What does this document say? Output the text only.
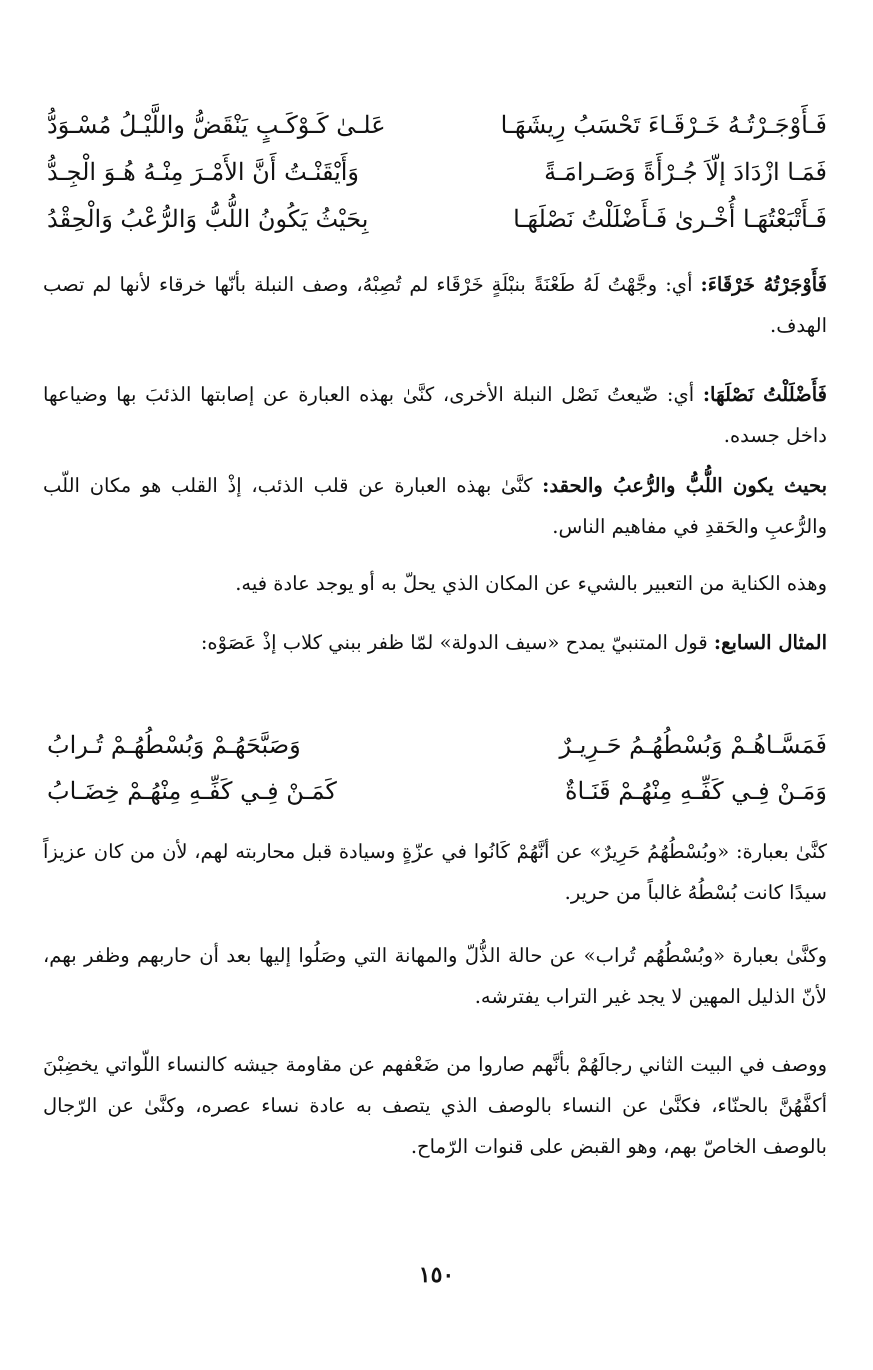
فَـأَوْجَـرْتُـهُ خَـرْقَـاءَ تَحْسَبُ رِيشَهَـا
عَلـىٰ كَـوْكَـبٍ يَنْقَضُّ واللَّيْـلُ مُسْـوَدُّ
فَمَـا ازْدَادَ إلّاَ جُـرْأَةً وَصَـرامَـةً
وَأَيْقَنْـتُ أَنَّ الأَمْـرَ مِنْـهُ هُـوَ الْجِـدُّ
فَـأَتْبَعْتُهَـا أُخْـرىٰ فَـأَضْلَلْتُ نَصْلَهَـا
بِحَيْثُ يَكُونُ اللُّبُّ وَالرُّعْبُ وَالْحِقْدُ
فَأَوْجَرْتُهُ خَرْقَاءَ: أي: وجَّهْتُ لَهُ طَعْنَةً بنبْلَةٍ خَرْقَاء لم تُصِبْهُ، وصف النبلة بأنّها خرقاء لأنها لم تصب الهدف.
فَأَضْلَلْتُ نَصْلَهَا: أي: ضّيعتُ نَصْل النبلة الأخرى، كنَّىٰ بهذه العبارة عن إصابتها الذئبَ بها وضياعها داخل جسده.
بحيث يكون اللُّبُّ والرُّعبُ والحقد: كنَّىٰ بهذه العبارة عن قلب الذئب، إذْ القلب هو مكان اللّب والرُّعبِ والحَقدِ في مفاهيم الناس.
وهذه الكناية من التعبير بالشيء عن المكان الذي يحلّ به أو يوجد عادة فيه.
المثال السابع: قول المتنبيّ يمدح «سيف الدولة» لمّا ظفر ببني كلاب إذْ عَصَوْه:
فَمَسَّـاهُـمْ وَبُسْطُهُـمُ حَـرِيـرٌ
وَصَبَّحَهُـمْ وَبُسْطُهُـمْ تُـرابُ
وَمَـنْ فِـي كَفِّـهِ مِنْهُـمْ قَنَـاةٌ
كَمَـنْ فِـي كَفِّـهِ مِنْهُـمْ خِضَـابُ
كنَّىٰ بعبارة: «وبُسْطُهُمُ حَرِيرٌ» عن أنَّهُمْ كَانُوا في عزّةٍ وسيادة قبل محاربته لهم، لأن من كان عزيزاً سيدًا كانت بُسْطُهُ غالباً من حرير.
وكنَّىٰ بعبارة «وبُسْطُهُم تُراب» عن حالة الذُّلّ والمهانة التي وصَلُوا إليها بعد أن حاربهم وظفر بهم، لأنّ الذليل المهين لا يجد غير التراب يفترشه.
ووصف في البيت الثاني رجالَهُمْ بأنَّهم صاروا من ضَعْفهم عن مقاومة جيشه كالنساء اللّواتي يخضِبْنَ أكفَّهُنَّ بالحنّاء، فكنَّىٰ عن النساء بالوصف الذي يتصف به عادة نساء عصره، وكنَّىٰ عن الرّجال بالوصف الخاصّ بهم، وهو القبض على قنوات الرّماح.
١٥٠
